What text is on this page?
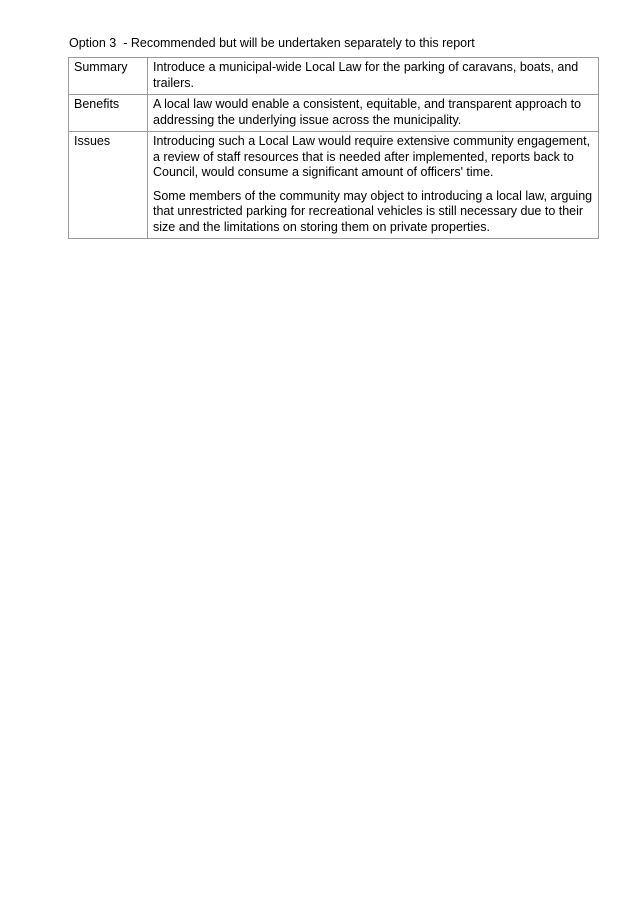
Option 3  - Recommended but will be undertaken separately to this report
Summary	Introduce a municipal-wide Local Law for the parking of caravans, boats, and trailers.

Benefits	A local law would enable a consistent, equitable, and transparent approach to addressing the underlying issue across the municipality.

Issues	Introducing such a Local Law would require extensive community engagement, a review of staff resources that is needed after implemented, reports back to Council, would consume a significant amount of officers' time.

Some members of the community may object to introducing a local law, arguing that unrestricted parking for recreational vehicles is still necessary due to their size and the limitations on storing them on private properties.
